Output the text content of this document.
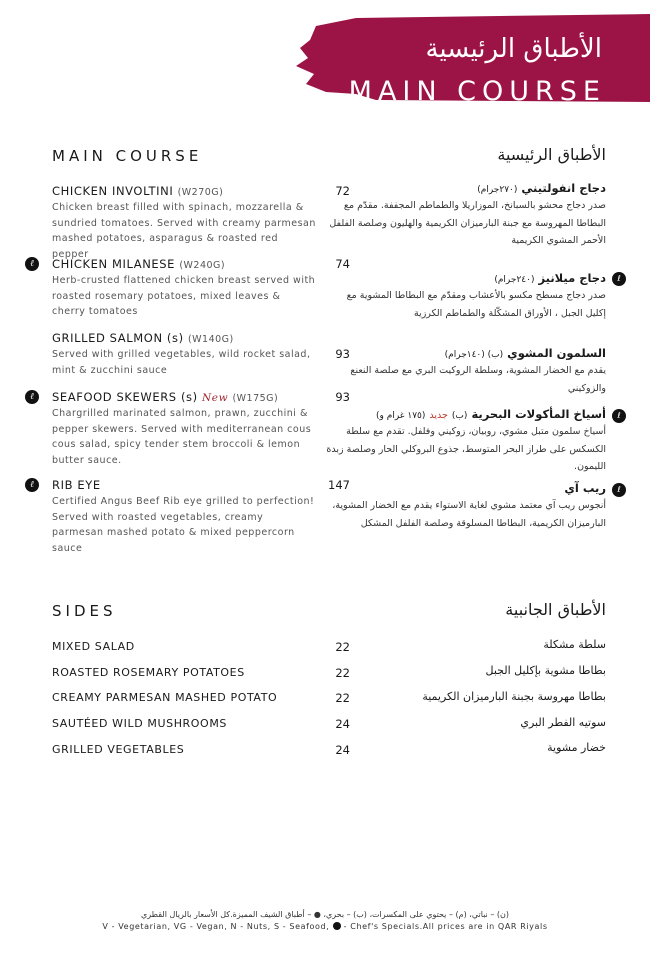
الأطباق الرئيسية
MAIN COURSE
MAIN COURSE	الأطباق الرئيسية
CHICKEN INVOLTINI (W270G)
Chicken breast filled with spinach, mozzarella & sundried tomatoes. Served with creamy parmesan mashed potatoes, asparagus & roasted red pepper
72
ℓ	CHICKEN MILANESE (W240G)
Herb-crusted flattened chicken breast served with roasted rosemary potatoes, mixed leaves & cherry tomatoes
74
GRILLED SALMON (s) (W140G)
Served with grilled vegetables, wild rocket salad, mint & zucchini sauce
93
ℓ	SEAFOOD SKEWERS (s) New (W175G)
Chargrilled marinated salmon, prawn, zucchini & pepper skewers. Served with mediterranean cous cous salad, spicy tender stem broccoli & lemon butter sauce.
93
ℓ	RIB EYE
Certified Angus Beef Rib eye grilled to perfection! Served with roasted vegetables, creamy parmesan mashed potato & mixed peppercorn sauce
147
دجاج انفولتيني (٢٧٠جرام)
صدر دجاج محشو بالسبانخ، الموزاريلا والطماطم المجففة. مقدّم مع البطاطا المهروسة مع جبنة البارميزان الكريمية والهليون وصلصة الفلفل الأحمر المشوي الكريمية
ℓ
دجاج ميلانيز (٢٤٠جرام)
صدر دجاج مسطح مكسو بالأعشاب ومقدّم مع البطاطا المشوية مع إكليل الجبل ، الأوراق المشكّلة والطماطم الكرزية
السلمون المشوي (ب) (١٤٠جرام)
يقدم مع الخضار المشوية، وسلطة الروكيت البري مع صلصة النعنع والزوكيني
ℓ
أسياخ المأكولات البحرية (ب) جديد (١٧٥ غرام و)
أسياخ سلمون متبل مشوي، روبيان، زوكيني وفلفل. تقدم مع سلطة الكسكس على طراز البحر المتوسط، جذوع البروكلي الحار وصلصة زبدة الليمون.
ℓ
ريب آي
أنجوس ريب آي معتمد مشوي لغاية الاستواء يقدم مع الخضار المشوية، البارميزان الكريمية، البطاطا المسلوقة وصلصة الفلفل المشكل
SIDES	الأطباق الجانبية
MIXED SALAD	22	سلطة مشكلة
ROASTED ROSEMARY POTATOES	22	بطاطا مشوية بإكليل الجبل
CREAMY PARMESAN MASHED POTATO	22	بطاطا مهروسة بجبنة البارميزان الكريمية
SAUTÉED WILD MUSHROOMS	24	سوتيه الفطر البري
GRILLED VEGETABLES	24	خضار مشوية
(ن) – نباتي، (م) – يحتوي على المكسرات، (ب) – بحري، ● – أطباق الشيف المميزة.كل الأسعار بالريال القطري
V - Vegetarian, VG - Vegan, N - Nuts, S - Seafood, - Chef's Specials.All prices are in QAR Riyals
